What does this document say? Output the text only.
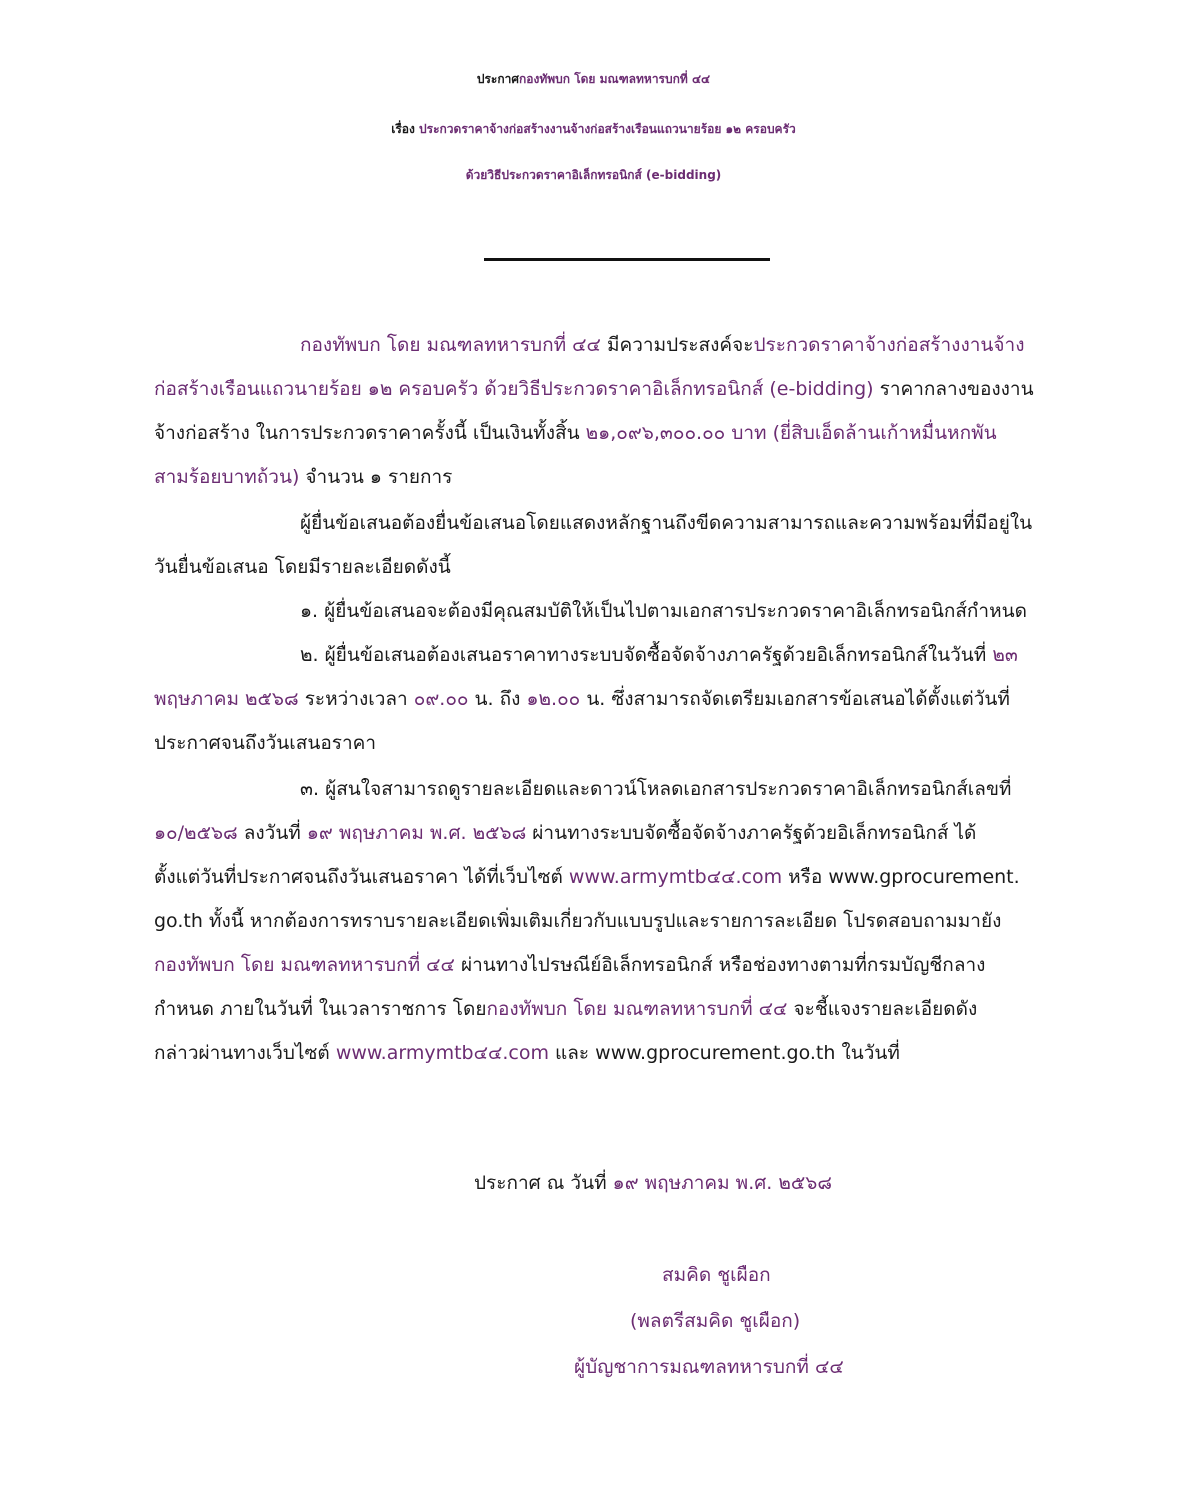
ประกาศกองทัพบก โดย มณฑลทหารบกที่ ๔๔
เรื่อง ประกวดราคาจ้างก่อสร้างงานจ้างก่อสร้างเรือนแถวนายร้อย ๑๒ ครอบครัว
ด้วยวิธีประกวดราคาอิเล็กทรอนิกส์ (e-bidding)
กองทัพบก โดย มณฑลทหารบกที่ ๔๔ มีความประสงค์จะประกวดราคาจ้างก่อสร้างงานจ้าง
ก่อสร้างเรือนแถวนายร้อย ๑๒ ครอบครัว ด้วยวิธีประกวดราคาอิเล็กทรอนิกส์ (e-bidding) ราคากลางของงาน
จ้างก่อสร้าง ในการประกวดราคาครั้งนี้ เป็นเงินทั้งสิ้น ๒๑,๐๙๖,๓๐๐.๐๐ บาท (ยี่สิบเอ็ดล้านเก้าหมื่นหกพัน
สามร้อยบาทถ้วน) จำนวน ๑ รายการ
ผู้ยื่นข้อเสนอต้องยื่นข้อเสนอโดยแสดงหลักฐานถึงขีดความสามารถและความพร้อมที่มีอยู่ใน
วันยื่นข้อเสนอ โดยมีรายละเอียดดังนี้
๑. ผู้ยื่นข้อเสนอจะต้องมีคุณสมบัติให้เป็นไปตามเอกสารประกวดราคาอิเล็กทรอนิกส์กำหนด
๒. ผู้ยื่นข้อเสนอต้องเสนอราคาทางระบบจัดซื้อจัดจ้างภาครัฐด้วยอิเล็กทรอนิกส์ในวันที่ ๒๓
พฤษภาคม ๒๕๖๘ ระหว่างเวลา ๐๙.๐๐ น. ถึง ๑๒.๐๐ น. ซึ่งสามารถจัดเตรียมเอกสารข้อเสนอได้ตั้งแต่วันที่
ประกาศจนถึงวันเสนอราคา
๓. ผู้สนใจสามารถดูรายละเอียดและดาวน์โหลดเอกสารประกวดราคาอิเล็กทรอนิกส์เลขที่
๑๐/๒๕๖๘ ลงวันที่ ๑๙ พฤษภาคม พ.ศ. ๒๕๖๘ ผ่านทางระบบจัดซื้อจัดจ้างภาครัฐด้วยอิเล็กทรอนิกส์ ได้
ตั้งแต่วันที่ประกาศจนถึงวันเสนอราคา ได้ที่เว็บไซต์ www.armymtb๔๔.com หรือ www.gprocurement.
go.th ทั้งนี้ หากต้องการทราบรายละเอียดเพิ่มเติมเกี่ยวกับแบบรูปและรายการละเอียด โปรดสอบถามมายัง
กองทัพบก โดย มณฑลทหารบกที่ ๔๔ ผ่านทางไปรษณีย์อิเล็กทรอนิกส์ หรือช่องทางตามที่กรมบัญชีกลาง
กำหนด ภายในวันที่ ในเวลาราชการ โดยกองทัพบก โดย มณฑลทหารบกที่ ๔๔ จะชี้แจงรายละเอียดดัง
กล่าวผ่านทางเว็บไซต์ www.armymtb๔๔.com และ www.gprocurement.go.th ในวันที่
ประกาศ ณ วันที่ ๑๙ พฤษภาคม พ.ศ. ๒๕๖๘
สมคิด ชูเผือก
(พลตรีสมคิด ชูเผือก)
ผู้บัญชาการมณฑลทหารบกที่ ๔๔
